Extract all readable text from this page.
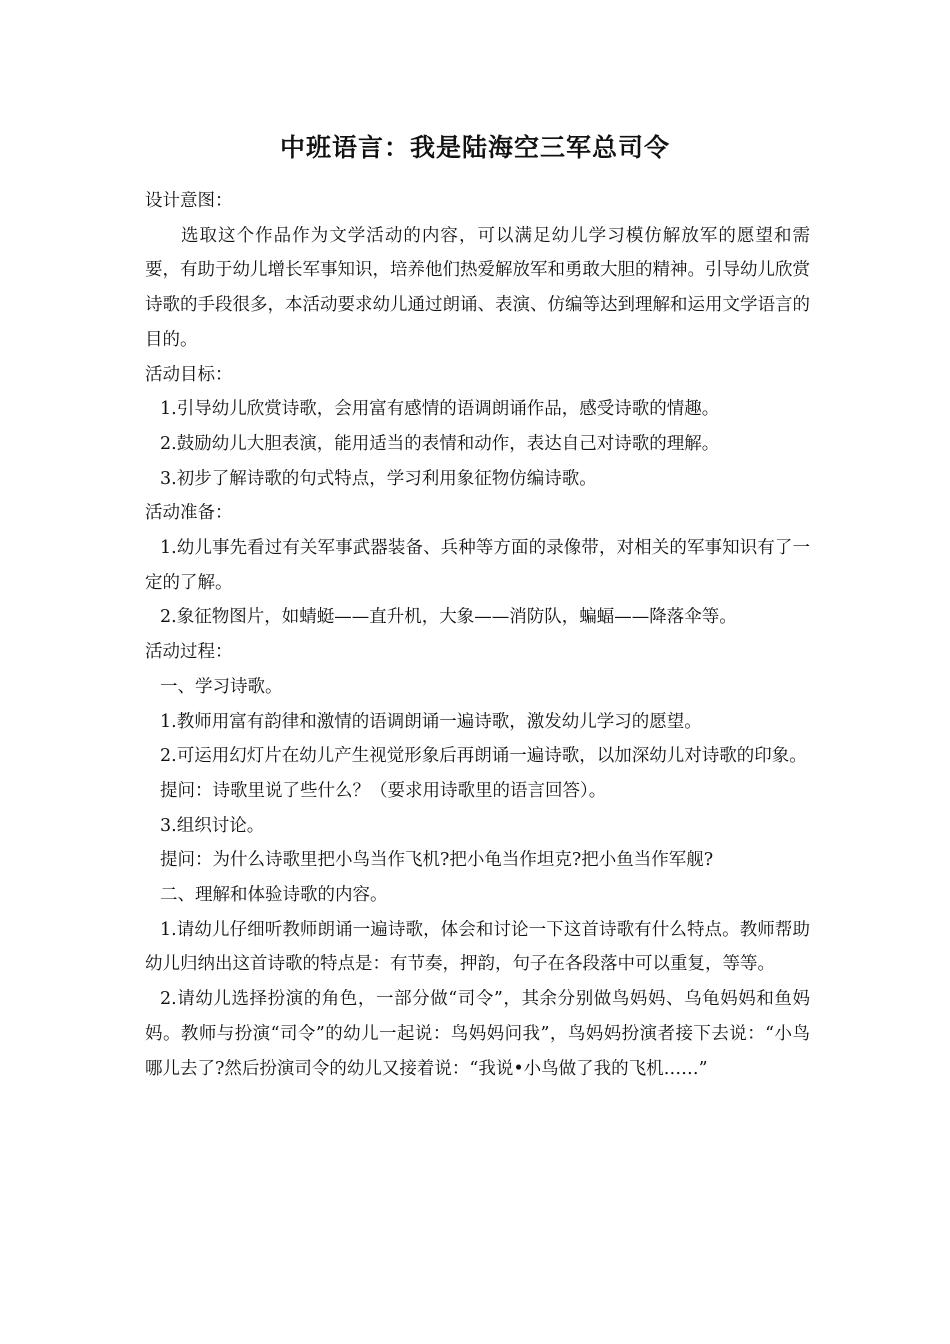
中班语言：我是陆海空三军总司令

设计意图：

选取这个作品作为文学活动的内容，可以满足幼儿学习模仿解放军的愿望和需要，有助于幼儿增长军事知识，培养他们热爱解放军和勇敢大胆的精神。引导幼儿欣赏诗歌的手段很多，本活动要求幼儿通过朗诵、表演、仿编等达到理解和运用文学语言的目的。

活动目标：

1.引导幼儿欣赏诗歌，会用富有感情的语调朗诵作品，感受诗歌的情趣。

2.鼓励幼儿大胆表演，能用适当的表情和动作，表达自己对诗歌的理解。

3.初步了解诗歌的句式特点，学习利用象征物仿编诗歌。

活动准备：

1.幼儿事先看过有关军事武器装备、兵种等方面的录像带，对相关的军事知识有了一定的了解。

2.象征物图片，如蜻蜓——直升机，大象——消防队，蝙蝠——降落伞等。

活动过程：

一、学习诗歌。

1.教师用富有韵律和激情的语调朗诵一遍诗歌，激发幼儿学习的愿望。

2.可运用幻灯片在幼儿产生视觉形象后再朗诵一遍诗歌，以加深幼儿对诗歌的印象。

提问：诗歌里说了些什么？（要求用诗歌里的语言回答）。

3.组织讨论。

提问：为什么诗歌里把小鸟当作飞机?把小龟当作坦克?把小鱼当作军舰?

二、理解和体验诗歌的内容。

1.请幼儿仔细听教师朗诵一遍诗歌，体会和讨论一下这首诗歌有什么特点。教师帮助幼儿归纳出这首诗歌的特点是：有节奏，押韵，句子在各段落中可以重复，等等。

2.请幼儿选择扮演的角色，一部分做“司令”，其余分别做鸟妈妈、乌龟妈妈和鱼妈妈。教师与扮演“司令”的幼儿一起说：鸟妈妈问我”，鸟妈妈扮演者接下去说：“小鸟哪儿去了?然后扮演司令的幼儿又接着说：“我说•小鸟做了我的飞机……”
